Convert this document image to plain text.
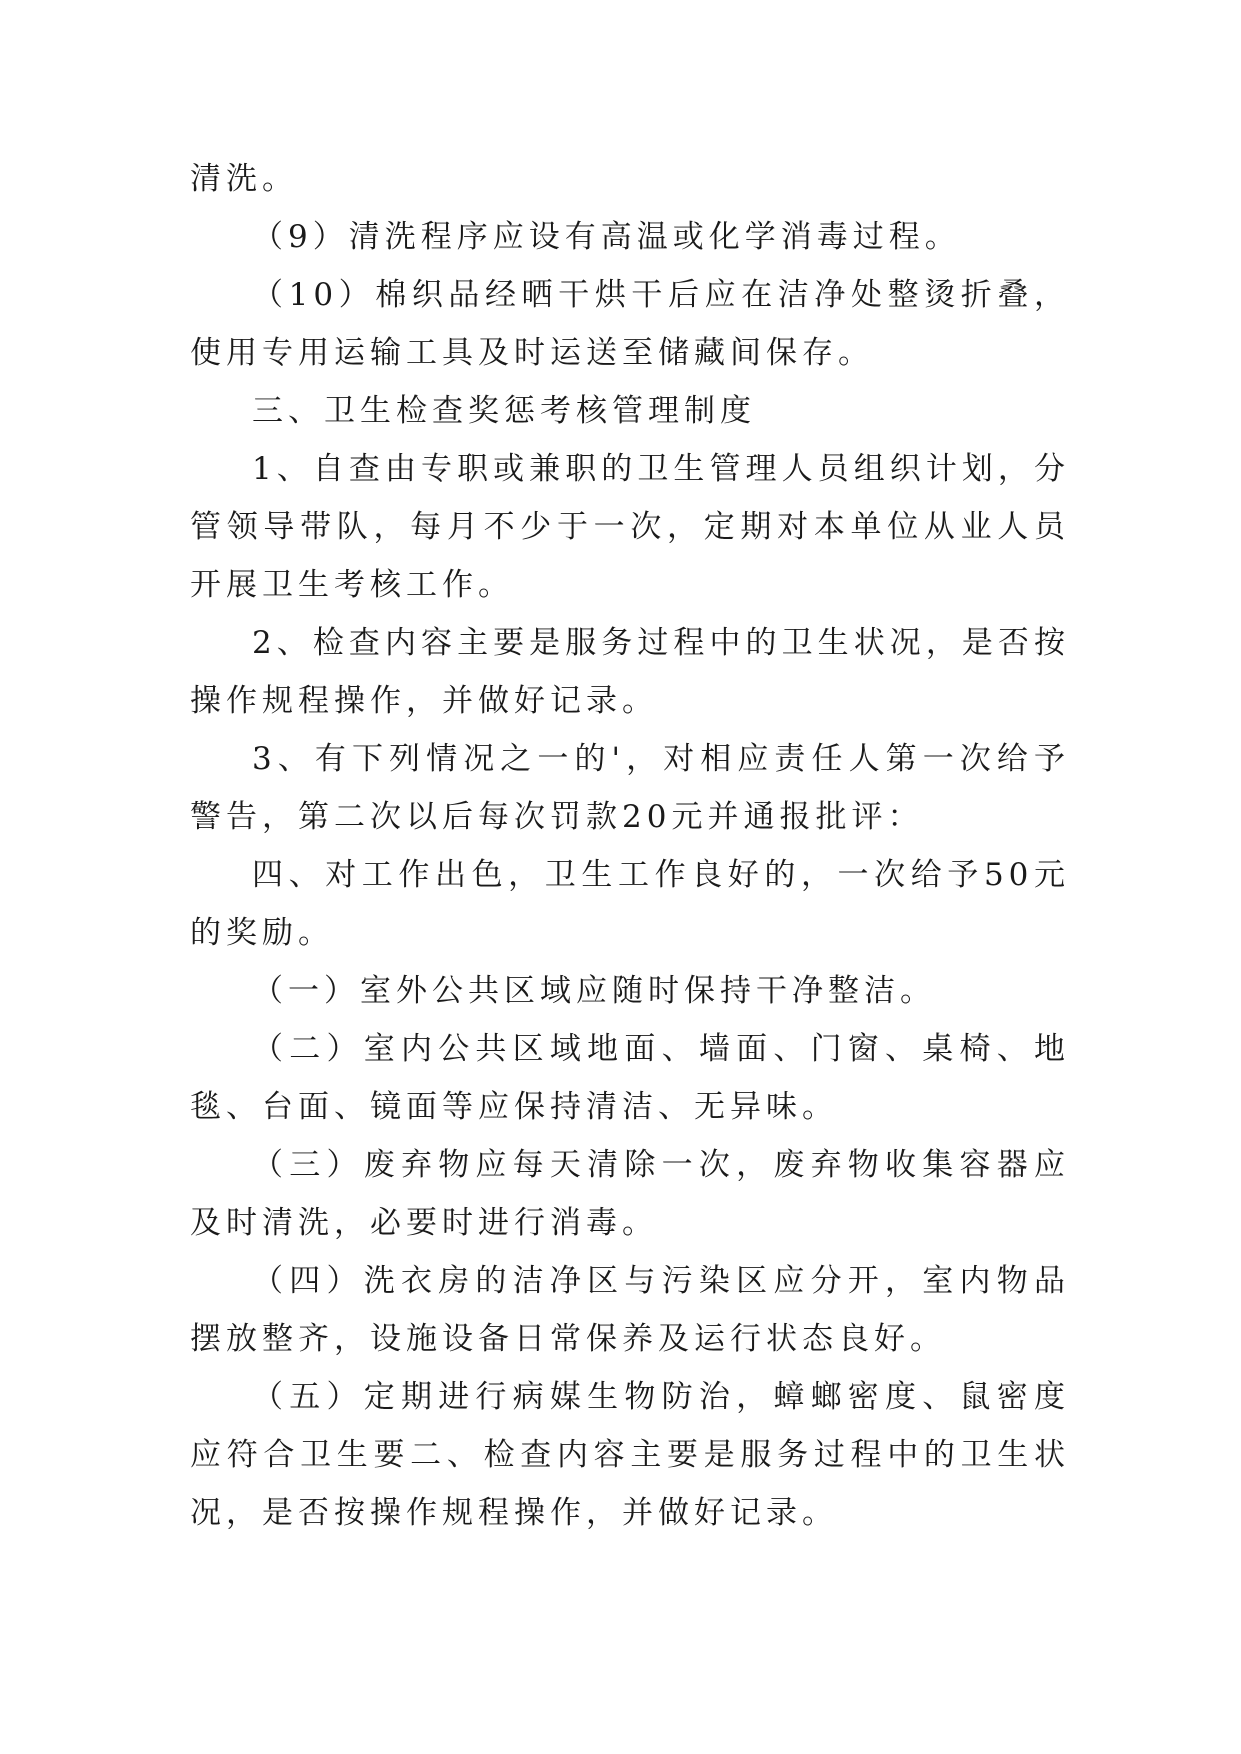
清洗。

（9）清洗程序应设有高温或化学消毒过程。

（10）棉织品经晒干烘干后应在洁净处整烫折叠，使用专用运输工具及时运送至储藏间保存。

三、卫生检查奖惩考核管理制度

1、自查由专职或兼职的卫生管理人员组织计划，分管领导带队，每月不少于一次，定期对本单位从业人员开展卫生考核工作。

2、检查内容主要是服务过程中的卫生状况，是否按操作规程操作，并做好记录。

3、有下列情况之一的'，对相应责任人第一次给予警告，第二次以后每次罚款20元并通报批评：

四、对工作出色，卫生工作良好的，一次给予50元的奖励。

（一）室外公共区域应随时保持干净整洁。

（二）室内公共区域地面、墙面、门窗、桌椅、地毯、台面、镜面等应保持清洁、无异味。

（三）废弃物应每天清除一次，废弃物收集容器应及时清洗，必要时进行消毒。

（四）洗衣房的洁净区与污染区应分开，室内物品摆放整齐，设施设备日常保养及运行状态良好。

（五）定期进行病媒生物防治，蟑螂密度、鼠密度应符合卫生要二、检查内容主要是服务过程中的卫生状况，是否按操作规程操作，并做好记录。
